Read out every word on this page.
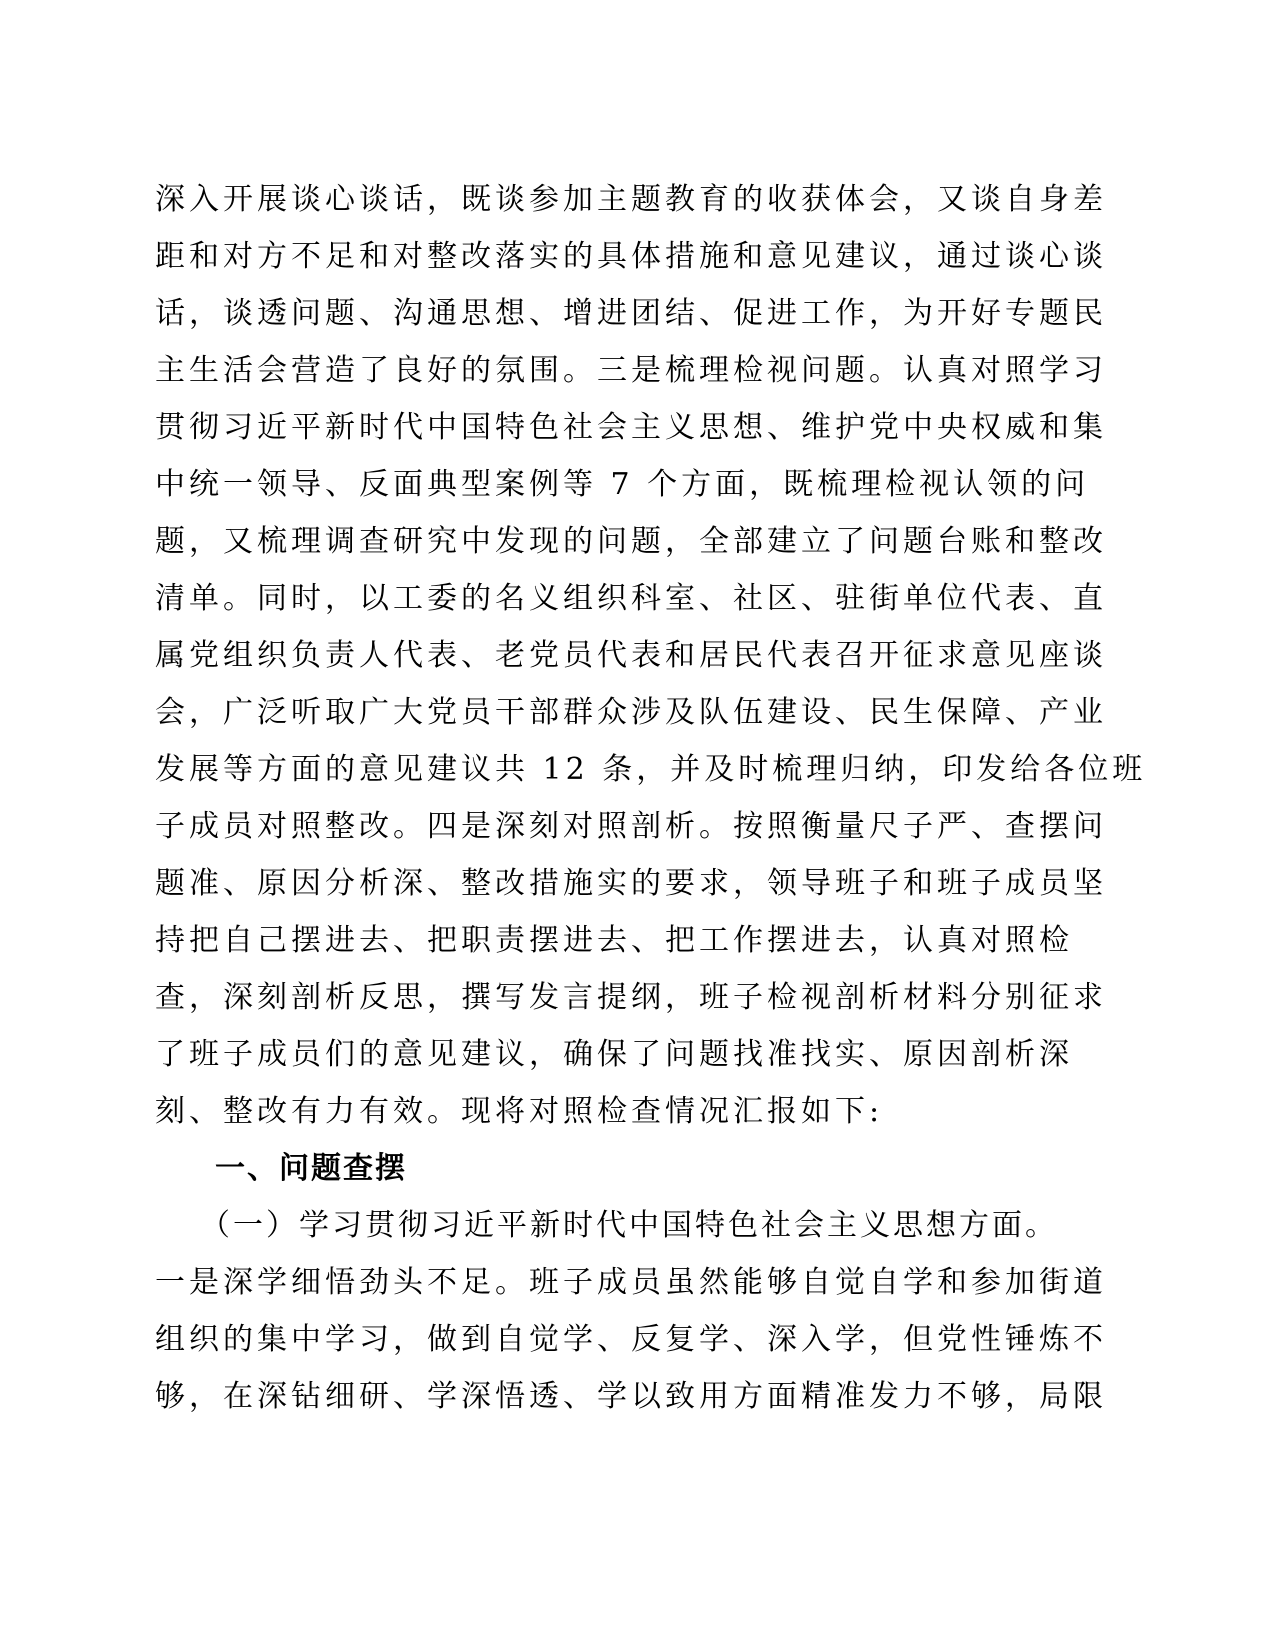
深入开展谈心谈话，既谈参加主题教育的收获体会，又谈自身差
距和对方不足和对整改落实的具体措施和意见建议，通过谈心谈
话，谈透问题、沟通思想、增进团结、促进工作，为开好专题民
主生活会营造了良好的氛围。三是梳理检视问题。认真对照学习
贯彻习近平新时代中国特色社会主义思想、维护党中央权威和集
中统一领导、反面典型案例等 7 个方面，既梳理检视认领的问
题，又梳理调查研究中发现的问题，全部建立了问题台账和整改
清单。同时，以工委的名义组织科室、社区、驻街单位代表、直
属党组织负责人代表、老党员代表和居民代表召开征求意见座谈
会，广泛听取广大党员干部群众涉及队伍建设、民生保障、产业
发展等方面的意见建议共 12 条，并及时梳理归纳，印发给各位班
子成员对照整改。四是深刻对照剖析。按照衡量尺子严、查摆问
题准、原因分析深、整改措施实的要求，领导班子和班子成员坚
持把自己摆进去、把职责摆进去、把工作摆进去，认真对照检
查，深刻剖析反思，撰写发言提纲，班子检视剖析材料分别征求
了班子成员们的意见建议，确保了问题找准找实、原因剖析深
刻、整改有力有效。现将对照检查情况汇报如下:
一、问题查摆
（一）学习贯彻习近平新时代中国特色社会主义思想方面。
一是深学细悟劲头不足。班子成员虽然能够自觉自学和参加街道
组织的集中学习，做到自觉学、反复学、深入学，但党性锤炼不
够，在深钻细研、学深悟透、学以致用方面精准发力不够，局限
